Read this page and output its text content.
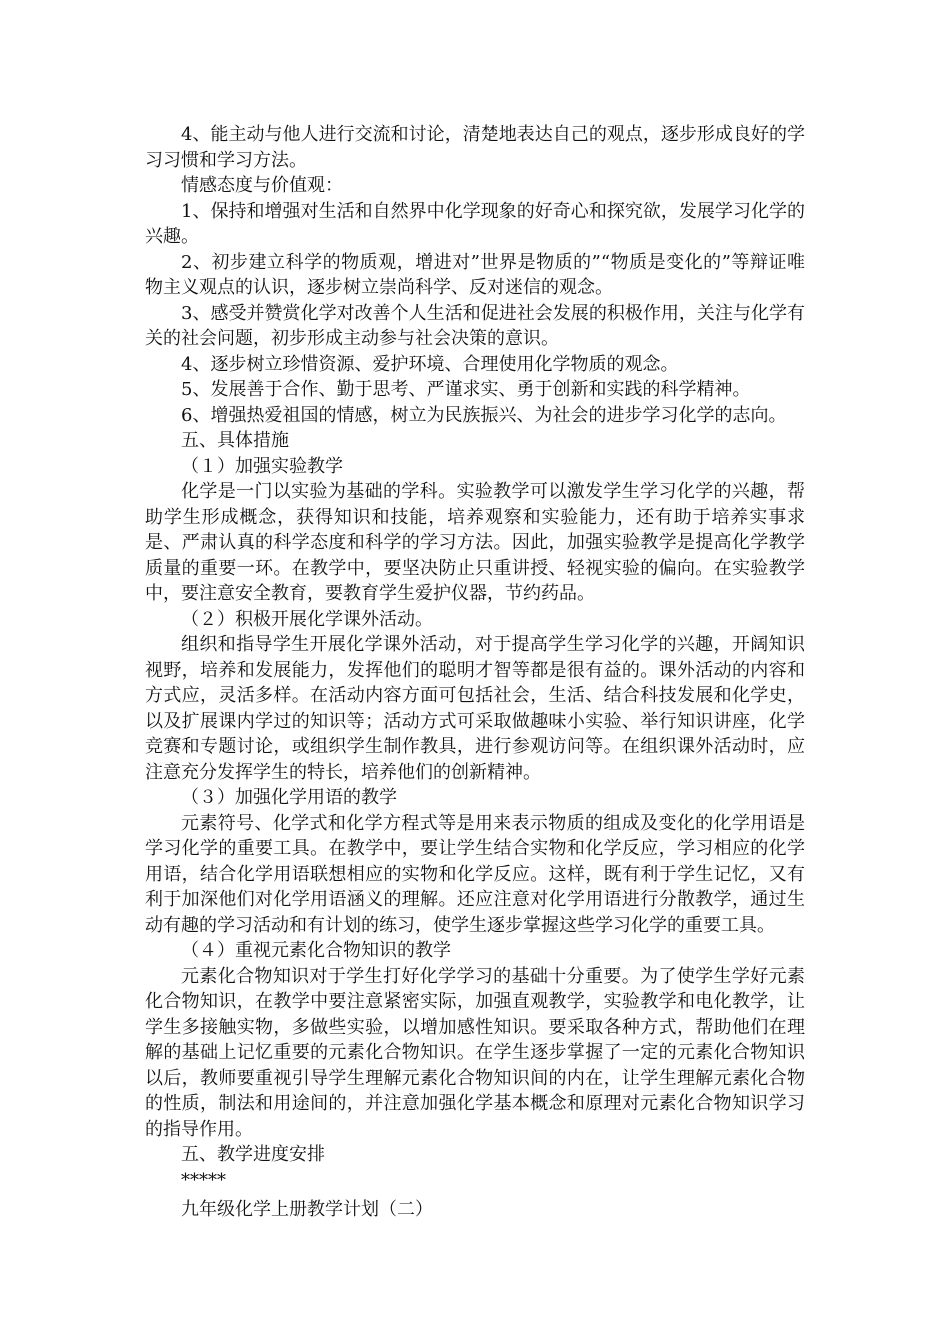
4、能主动与他人进行交流和讨论，清楚地表达自己的观点，逐步形成良好的学习习惯和学习方法。

情感态度与价值观：

1、保持和增强对生活和自然界中化学现象的好奇心和探究欲，发展学习化学的兴趣。

2、初步建立科学的物质观，增进对”世界是物质的”“物质是变化的”等辩证唯物主义观点的认识，逐步树立崇尚科学、反对迷信的观念。

3、感受并赞赏化学对改善个人生活和促进社会发展的积极作用，关注与化学有关的社会问题，初步形成主动参与社会决策的意识。

4、逐步树立珍惜资源、爱护环境、合理使用化学物质的观念。

5、发展善于合作、勤于思考、严谨求实、勇于创新和实践的科学精神。

6、增强热爱祖国的情感，树立为民族振兴、为社会的进步学习化学的志向。

五、具体措施

（１）加强实验教学

化学是一门以实验为基础的学科。实验教学可以激发学生学习化学的兴趣，帮助学生形成概念，获得知识和技能，培养观察和实验能力，还有助于培养实事求是、严肃认真的科学态度和科学的学习方法。因此，加强实验教学是提高化学教学质量的重要一环。在教学中，要坚决防止只重讲授、轻视实验的偏向。在实验教学中，要注意安全教育，要教育学生爱护仪器，节约药品。

（２）积极开展化学课外活动。

组织和指导学生开展化学课外活动，对于提高学生学习化学的兴趣，开阔知识视野，培养和发展能力，发挥他们的聪明才智等都是很有益的。课外活动的内容和方式应，灵活多样。在活动内容方面可包括社会，生活、结合科技发展和化学史，以及扩展课内学过的知识等；活动方式可采取做趣味小实验、举行知识讲座，化学竞赛和专题讨论，或组织学生制作教具，进行参观访问等。在组织课外活动时，应注意充分发挥学生的特长，培养他们的创新精神。

（３）加强化学用语的教学

元素符号、化学式和化学方程式等是用来表示物质的组成及变化的化学用语是学习化学的重要工具。在教学中，要让学生结合实物和化学反应，学习相应的化学用语，结合化学用语联想相应的实物和化学反应。这样，既有利于学生记忆，又有利于加深他们对化学用语涵义的理解。还应注意对化学用语进行分散教学，通过生动有趣的学习活动和有计划的练习，使学生逐步掌握这些学习化学的重要工具。

（４）重视元素化合物知识的教学

元素化合物知识对于学生打好化学学习的基础十分重要。为了使学生学好元素化合物知识，在教学中要注意紧密实际，加强直观教学，实验教学和电化教学，让学生多接触实物，多做些实验，以增加感性知识。要采取各种方式，帮助他们在理解的基础上记忆重要的元素化合物知识。在学生逐步掌握了一定的元素化合物知识以后，教师要重视引导学生理解元素化合物知识间的内在，让学生理解元素化合物的性质，制法和用途间的，并注意加强化学基本概念和原理对元素化合物知识学习的指导作用。

五、教学进度安排

*****

九年级化学上册教学计划（二）
